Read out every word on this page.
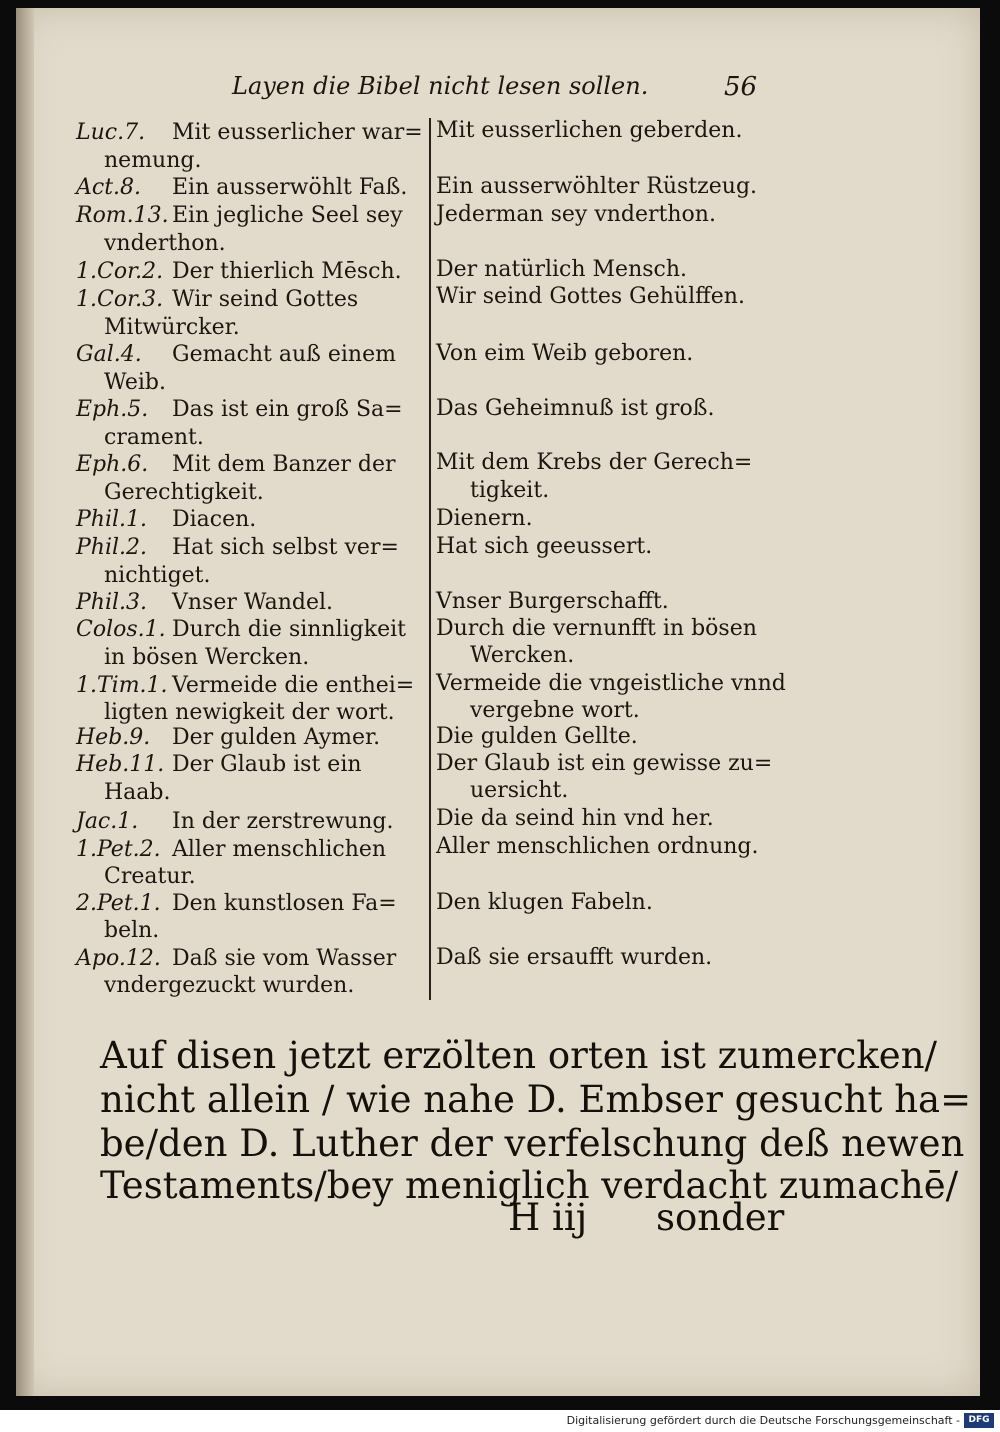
Layen die Bibel nicht lesen sollen.	56
Luc.7. Mit eusserlicher war=
nemung.
Act.8. Ein ausserwöhlt Faß.
Rom.13. Ein jegliche Seel sey
vnderthon.
1.Cor.2. Der thierlich Mēsch.
1.Cor.3. Wir seind Gottes
Mitwürcker.
Gal.4. Gemacht auß einem
Weib.
Eph.5. Das ist ein groß Sa=
crament.
Eph.6. Mit dem Banzer der
Gerechtigkeit.
Phil.1. Diacen.
Phil.2. Hat sich selbst ver=
nichtiget.
Phil.3. Vnser Wandel.
Colos.1. Durch die sinnligkeit
in bösen Wercken.
1.Tim.1. Vermeide die enthei=
ligten newigkeit der wort.
Heb.9. Der gulden Aymer.
Heb.11. Der Glaub ist ein
Haab.
Jac.1. In der zerstrewung.
1.Pet.2. Aller menschlichen
Creatur.
2.Pet.1. Den kunstlosen Fa=
beln.
Apo.12. Daß sie vom Wasser
vndergezuckt wurden.
Mit eusserlichen geberden.
Ein ausserwöhlter Rüstzeug.
Jederman sey vnderthon.
Der natürlich Mensch.
Wir seind Gottes Gehülffen.
Von eim Weib geboren.
Das Geheimnuß ist groß.
Mit dem Krebs der Gerech=
tigkeit.
Dienern.
Hat sich geeussert.
Vnser Burgerschafft.
Durch die vernunfft in bösen
Wercken.
Vermeide die vngeistliche vnnd
vergebne wort.
Die gulden Gellte.
Der Glaub ist ein gewisse zu=
uersicht.
Die da seind hin vnd her.
Aller menschlichen ordnung.
Den klugen Fabeln.
Daß sie ersaufft wurden.
Auf disen jetzt erzölten orten ist zumercken/
nicht allein / wie nahe D. Embser gesucht ha=
be/den D. Luther der verfelschung deß newen
Testaments/bey meniglich verdacht zumachē/
H iij sonder
Digitalisierung gefördert durch die Deutsche Forschungsgemeinschaft - DFG
